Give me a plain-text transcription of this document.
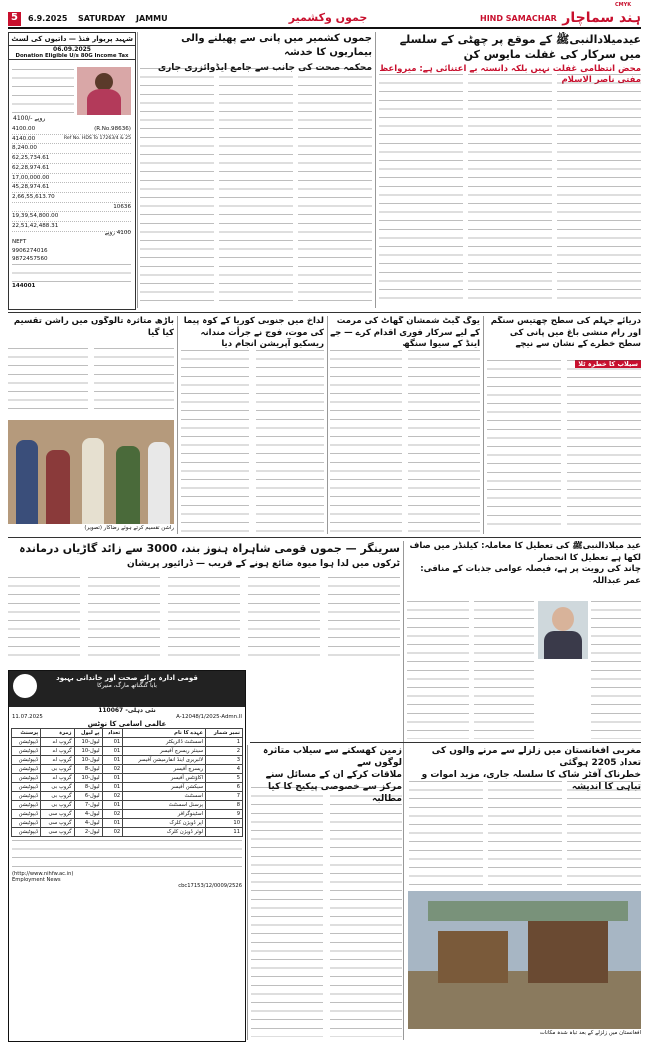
CMYK
5	6.9.2025 SATURDAY JAMMU	جموں وکشمیر	HIND SAMACHAR ہند سماچار
شہید پریوار فنڈ — داتیوں کی لسٹ
06.09.2025
Donation Eligible U/s 80G Income Tax
4100/- روپے
4100.00	(R.No.98636)
4140.00	Ref No. HDS To 17263/4 & 25
8,240.00
62,25,734.61
62,28,974.61
17,00,000.00
45,28,974.61
2,66,55,613.70
10636
19,39,54,800.00
22,51,42,488.31
4100 روپے
NEFT
9906274016
9872457560
144001
عیدمیلادالنبیﷺ کے موقع پر چھٹی کے سلسلے میں سرکار کی غفلت مایوس کن
محض انتظامی غفلت نہیں بلکہ دانستہ بے اعتنائی ہے: میرواعظ مفتی ناصر الاسلام
جموں کشمیر میں پانی سے پھیلنے والی بیماریوں کا خدشہ
محکمہ صحت کی جانب سے جامع ایڈوائزری جاری
دریائے جہلم کی سطح چھتیس سنگم اور رام منشی باغ میں پانی کی سطح خطرے کے نشان سے نیچے
سیلاب کا خطرہ ٹلا
یوگ گیٹ شمشان گھاٹ کی مرمت کے لیے سرکار فوری اقدام کرے — جے اینڈ کے سیوا سنگھ
لداخ میں جنوبی کوریا کے کوہ پیما کی موت، فوج نے جرأت مندانہ ریسکیو آپریشن انجام دیا
باڑھ متاثرہ تالوگوں میں راشن تقسیم کیا گیا
راشن تقسیم کرتے ہوئے رضاکار (تصویر)
سرینگر — جموں قومی شاہراہ ہنوز بند، 3000 سے زائد گاڑیاں درماندہ
ٹرکوں میں لدا ہوا میوہ ضائع ہونے کے قریب — ڈرائیور پریشان
عید میلادالنبیﷺ کی تعطیل کا معاملہ: کیلنڈر میں صاف لکھا ہے تعطیل کا انحصار
چاند کی رویت پر ہے، فیصلہ عوامی جذبات کے منافی: عمر عبداللہ
قومی ادارہ برائے صحت اور خاندانی بہبود
بابا گنگناتھ مارگ، منیرکا
نئی دہلی- 110067
11.07.2025	A-12048/1/2025-Admn.II
عالمی اسامی کا نوٹس
نمبر شمار	عہدے کا نام	تعداد	پے لیول	زمرہ	پرسنٹ
1	اسسٹنٹ ڈائریکٹر	01	لیول-10	گروپ اے	ڈیپوٹیشن
2	سینئر ریسرچ آفیسر	01	لیول-10	گروپ اے	ڈیپوٹیشن
3	لائبریری اینڈ انفارمیشن آفیسر	01	لیول-10	گروپ اے	ڈیپوٹیشن
4	ریسرچ آفیسر	02	لیول-8	گروپ بی	ڈیپوٹیشن
5	اکاؤنٹس آفیسر	01	لیول-10	گروپ اے	ڈیپوٹیشن
6	سیکشن آفیسر	01	لیول-8	گروپ بی	ڈیپوٹیشن
7	اسسٹنٹ	02	لیول-6	گروپ بی	ڈیپوٹیشن
8	پرسنل اسسٹنٹ	01	لیول-7	گروپ بی	ڈیپوٹیشن
9	اسٹینوگرافر	02	لیول-4	گروپ سی	ڈیپوٹیشن
10	اپر ڈویژن کلرک	01	لیول-4	گروپ سی	ڈیپوٹیشن
11	لوئر ڈویژن کلرک	02	لیول-2	گروپ سی	ڈیپوٹیشن
(http://www.nihfw.ac.in)
Employment News
cbc17153/12/0009/2526
زمین کھسکنے سے سیلاب متاثرہ لوگوں سے
ملاقات کرکے ان کے مسائل سنے
مرکز سے خصوصی پیکیج کا کیا مطالبہ
مغربی افغانستان میں زلزلے سے مرنے والوں کی تعداد 2205 ہوگئی
خطرناک آفٹر شاک کا سلسلہ جاری، مزید اموات و تباہی کا اندیشہ
افغانستان میں زلزلے کے بعد تباہ شدہ مکانات
